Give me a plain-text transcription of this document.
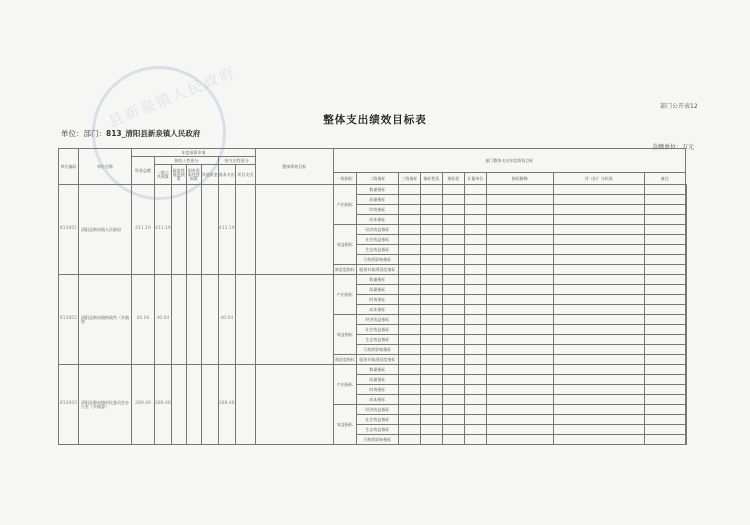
县新泉镇人民政府	部门公开表12
整体支出绩效目标表
单位：部门：813_清阳县新泉镇人民政府
金额单位：万元
单位编码	单位名称	年度预算申请							整体绩效目标	部门整体支出年度绩效目标									
		资金总额	按收入性质分				按支出性质分												
			一般公共预算	政府性基金预算	国有资本经营预算	其他资金	基本支出	项目支出											
										一级指标	二级指标	三级指标	指标性质	指标值	计量单位	指标解释	评（扣）分标准	备注	
813001	清阳县新泉镇人民政府	411.19	411.19				411.19			产出指标	数量指标								
											质量指标								
											时效指标								
											成本指标								
										效益指标	经济效益指标								
											社会效益指标								
											生态效益指标								
											可持续影响指标								
										满意度指标	服务对象满意度指标								
813002	清阳县新泉镇财政所（乡镇财	40.04	40.04				40.04			产出指标	数量指标								
											质量指标								
											时效指标								
											成本指标								
										效益指标	经济效益指标								
											社会效益指标								
											生态效益指标								
											可持续影响指标								
										满意度指标	服务对象满意度指标								
813003	清阳县新泉镇村民委员会办公室（乡镇委）	289.46	289.46				289.46			产出指标	数量指标								
											质量指标								
											时效指标								
											成本指标								
										效益指标	经济效益指标								
											社会效益指标								
											生态效益指标								
											可持续影响指标								
